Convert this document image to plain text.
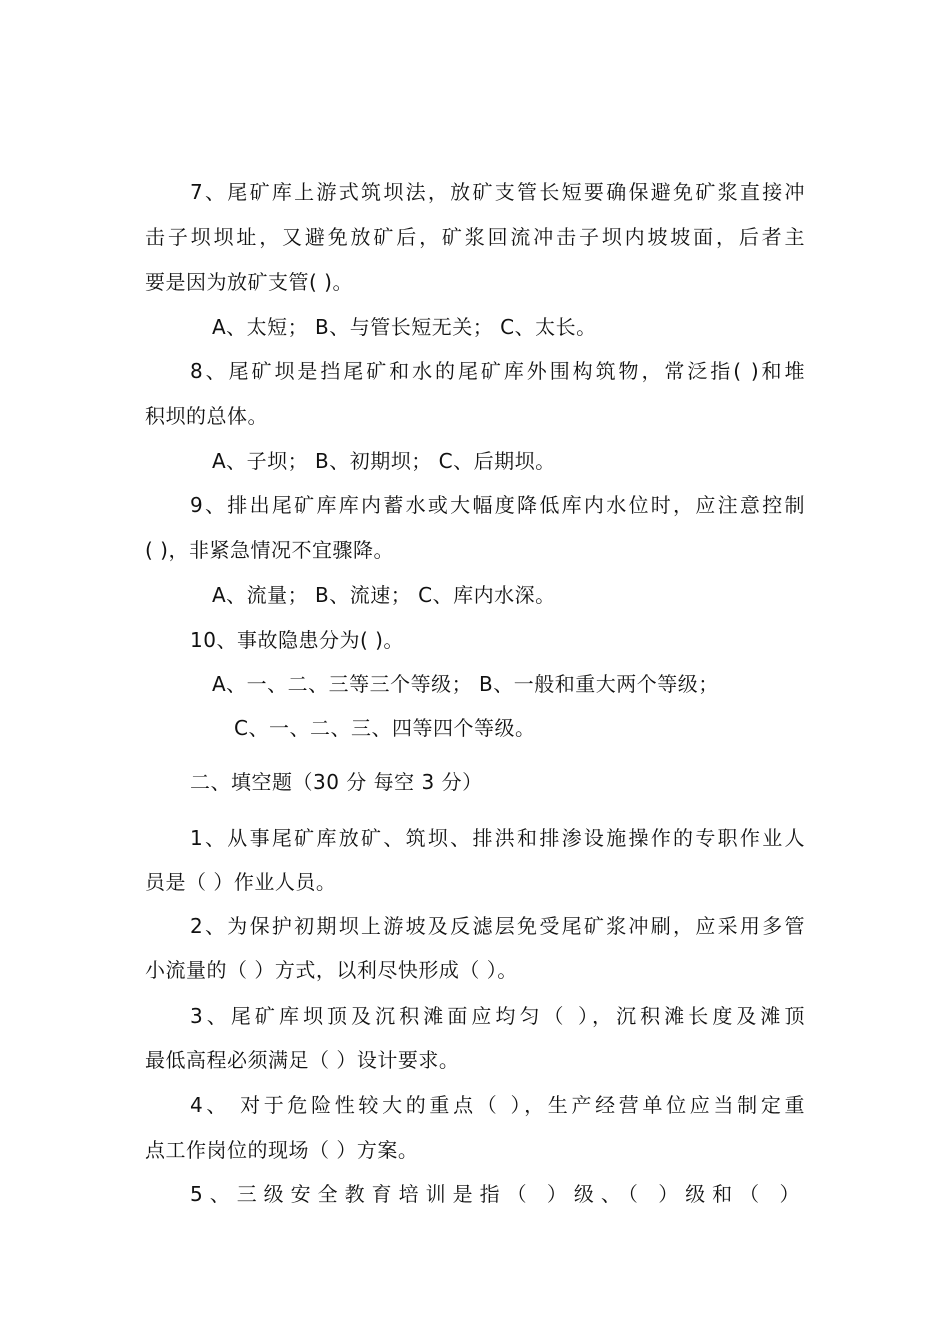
7、尾矿库上游式筑坝法，放矿支管长短要确保避免矿浆直接冲
击子坝坝址，又避免放矿后，矿浆回流冲击子坝内坡坡面，后者主
要是因为放矿支管( )。
A、太短； B、与管长短无关； C、太长。
8、尾矿坝是挡尾矿和水的尾矿库外围构筑物，常泛指( )和堆
积坝的总体。
A、子坝； B、初期坝； C、后期坝。
9、排出尾矿库库内蓄水或大幅度降低库内水位时，应注意控制
( )，非紧急情况不宜骤降。
A、流量； B、流速； C、库内水深。
10、事故隐患分为( )。
A、一、二、三等三个等级； B、一般和重大两个等级；
C、一、二、三、四等四个等级。
二、填空题（30 分 每空 3 分）
1、从事尾矿库放矿、筑坝、排洪和排渗设施操作的专职作业人
员是（ ）作业人员。
2、为保护初期坝上游坡及反滤层免受尾矿浆冲刷，应采用多管
小流量的（ ）方式，以利尽快形成（ ）。
3、尾矿库坝顶及沉积滩面应均匀（ ），沉积滩长度及滩顶
最低高程必须满足（ ）设计要求。
4、 对于危险性较大的重点（ ），生产经营单位应当制定重
点工作岗位的现场（ ）方案。
5、三级安全教育培训是指（ ）级、（ ）级和（ ）
